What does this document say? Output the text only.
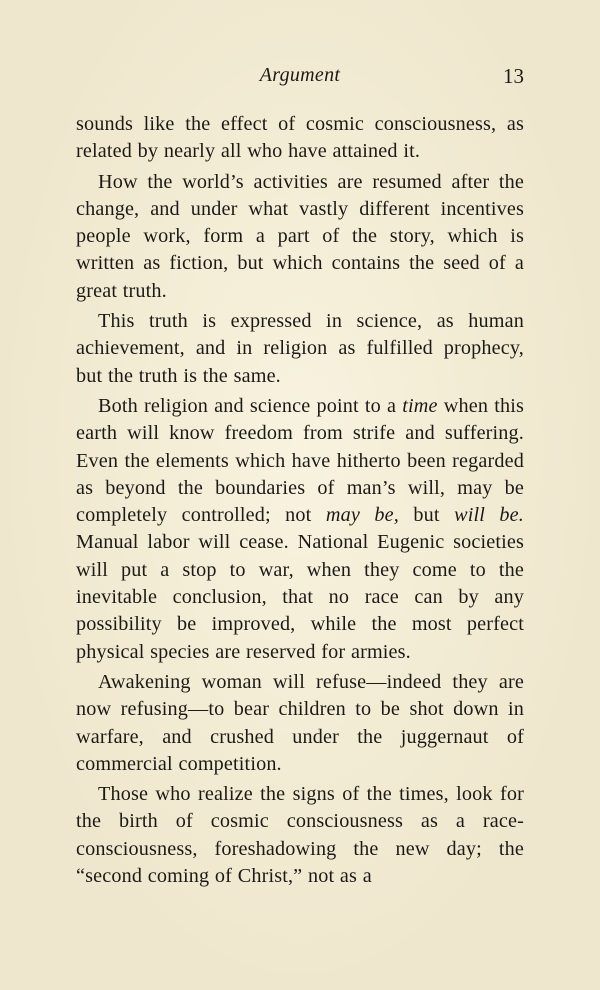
Argument	13

sounds like the effect of cosmic consciousness, as related by nearly all who have attained it.

How the world’s activities are resumed after the change, and under what vastly different incentives people work, form a part of the story, which is written as fiction, but which contains the seed of a great truth.

This truth is expressed in science, as human achievement, and in religion as fulfilled prophecy, but the truth is the same.

Both religion and science point to a time when this earth will know freedom from strife and suffering. Even the elements which have hitherto been regarded as beyond the boundaries of man’s will, may be completely controlled; not may be, but will be. Manual labor will cease. National Eugenic societies will put a stop to war, when they come to the inevitable conclusion, that no race can by any possibility be improved, while the most perfect physical species are reserved for armies.

Awakening woman will refuse—indeed they are now refusing—to bear children to be shot down in warfare, and crushed under the juggernaut of commercial competition.

Those who realize the signs of the times, look for the birth of cosmic consciousness as a race-consciousness, foreshadowing the new day; the “second coming of Christ,” not as a
